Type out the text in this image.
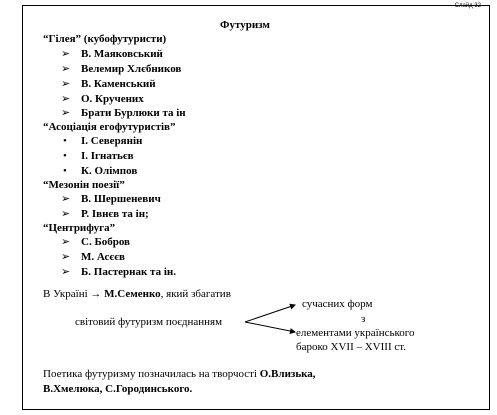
Слайд 32
Футуризм
“Гілея” (кубофутуристи)
➢ В. Маяковський
➢ Велемир Хлєбников
➢ В. Каменський
➢ О. Кручених
➢ Брати Бурлюки та ін
“Асоціація егофутуристів”
• І. Северянін
• І. Ігнатьєв
• К. Олімпов
“Мезонін поезії”
➢ В. Шершеневич
➢ Р. Івнєв та ін;
“Центрифуга”
➢ С. Бобров
➢ М. Асєєв
➢ Б. Пастернак та ін.
В Україні → М.Семенко, який збагатив
світовий футуризм поєднанням
сучасних форм
з
елементами українського
бароко XVII – XVIII ст.
Поетика футуризму позначилась на творчості О.Влизька,
В.Хмелюка, С.Городинського.
